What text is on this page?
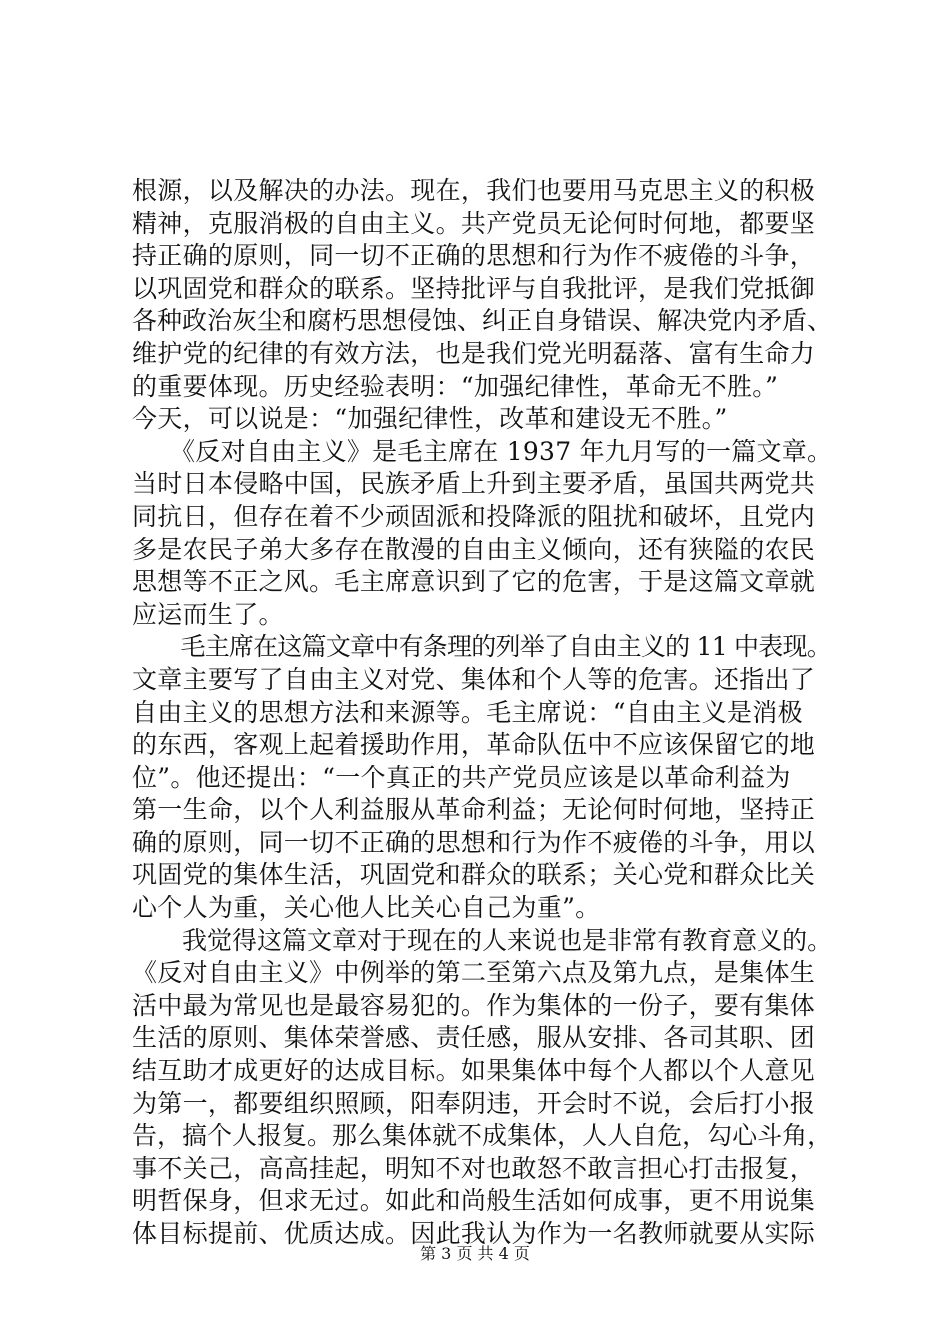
根源，以及解决的办法。现在，我们也要用马克思主义的积极
精神，克服消极的自由主义。共产党员无论何时何地，都要坚
持正确的原则，同一切不正确的思想和行为作不疲倦的斗争，
以巩固党和群众的联系。坚持批评与自我批评，是我们党抵御
各种政治灰尘和腐朽思想侵蚀、纠正自身错误、解决党内矛盾、
维护党的纪律的有效方法，也是我们党光明磊落、富有生命力
的重要体现。历史经验表明：“加强纪律性，革命无不胜。”
今天，可以说是：“加强纪律性，改革和建设无不胜。”
　　《反对自由主义》是毛主席在 1937 年九月写的一篇文章。
当时日本侵略中国，民族矛盾上升到主要矛盾，虽国共两党共
同抗日，但存在着不少顽固派和投降派的阻扰和破坏，且党内
多是农民子弟大多存在散漫的自由主义倾向，还有狭隘的农民
思想等不正之风。毛主席意识到了它的危害，于是这篇文章就
应运而生了。
　　毛主席在这篇文章中有条理的列举了自由主义的 11 中表现。
文章主要写了自由主义对党、集体和个人等的危害。还指出了
自由主义的思想方法和来源等。毛主席说：“自由主义是消极
的东西，客观上起着援助作用，革命队伍中不应该保留它的地
位”。他还提出：“一个真正的共产党员应该是以革命利益为
第一生命，以个人利益服从革命利益；无论何时何地，坚持正
确的原则，同一切不正确的思想和行为作不疲倦的斗争，用以
巩固党的集体生活，巩固党和群众的联系；关心党和群众比关
心个人为重，关心他人比关心自己为重”。
　　我觉得这篇文章对于现在的人来说也是非常有教育意义的。
《反对自由主义》中例举的第二至第六点及第九点，是集体生
活中最为常见也是最容易犯的。作为集体的一份子，要有集体
生活的原则、集体荣誉感、责任感，服从安排、各司其职、团
结互助才成更好的达成目标。如果集体中每个人都以个人意见
为第一，都要组织照顾，阳奉阴违，开会时不说，会后打小报
告，搞个人报复。那么集体就不成集体，人人自危，勾心斗角，
事不关己，高高挂起，明知不对也敢怒不敢言担心打击报复，
明哲保身，但求无过。如此和尚般生活如何成事，更不用说集
体目标提前、优质达成。因此我认为作为一名教师就要从实际
第 3 页 共 4 页
